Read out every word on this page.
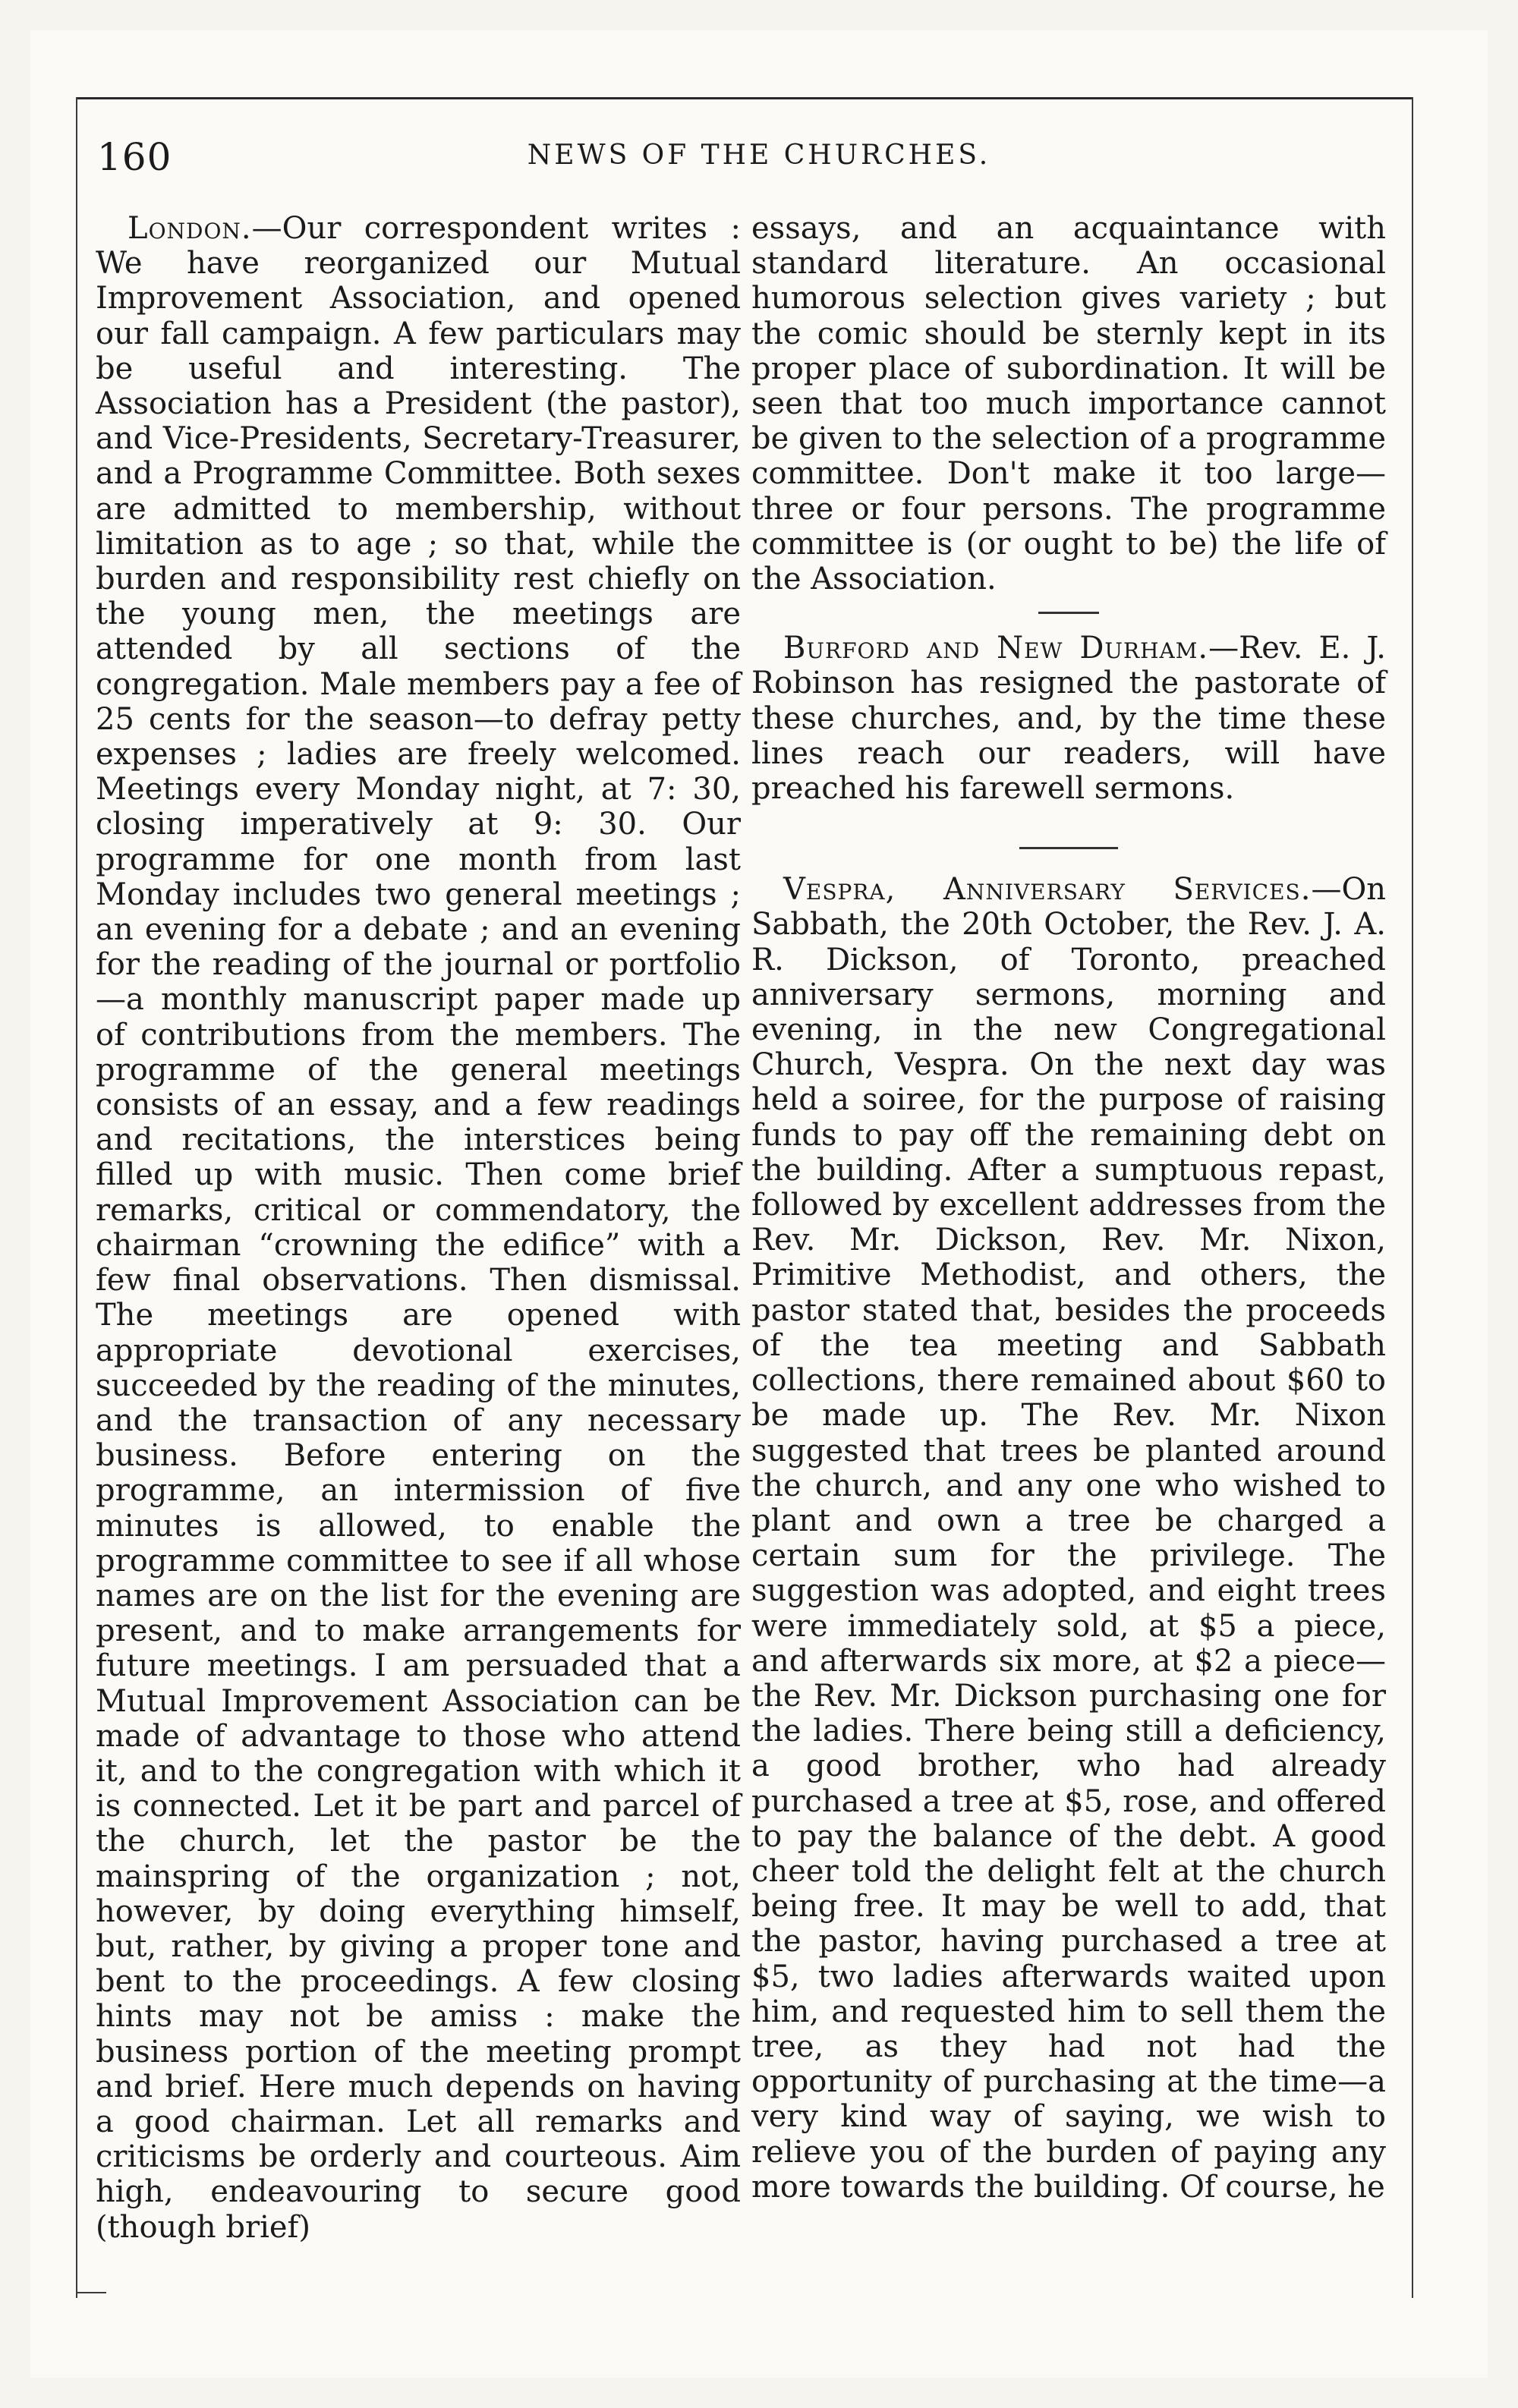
160	NEWS OF THE CHURCHES.

London.—Our correspondent writes : We have reorganized our Mutual Improvement Association, and opened our fall campaign. A few particulars may be useful and interesting. The Association has a President (the pastor), and Vice-Presidents, Secretary-Treasurer, and a Programme Committee. Both sexes are admitted to membership, without limitation as to age ; so that, while the burden and responsibility rest chiefly on the young men, the meetings are attended by all sections of the congregation. Male members pay a fee of 25 cents for the season—to defray petty expenses ; ladies are freely welcomed. Meetings every Monday night, at 7: 30, closing imperatively at 9: 30. Our programme for one month from last Monday includes two general meetings ; an evening for a debate ; and an evening for the reading of the journal or portfolio—a monthly manuscript paper made up of contributions from the members. The programme of the general meetings consists of an essay, and a few readings and recitations, the interstices being filled up with music. Then come brief remarks, critical or commendatory, the chairman “crowning the edifice” with a few final observations. Then dismissal. The meetings are opened with appropriate devotional exercises, succeeded by the reading of the minutes, and the transaction of any necessary business. Before entering on the programme, an intermission of five minutes is allowed, to enable the programme committee to see if all whose names are on the list for the evening are present, and to make arrangements for future meetings. I am persuaded that a Mutual Improvement Association can be made of advantage to those who attend it, and to the congregation with which it is connected. Let it be part and parcel of the church, let the pastor be the mainspring of the organization ; not, however, by doing everything himself, but, rather, by giving a proper tone and bent to the proceedings. A few closing hints may not be amiss : make the business portion of the meeting prompt and brief. Here much depends on having a good chairman. Let all remarks and criticisms be orderly and courteous. Aim high, endeavouring to secure good (though brief)

essays, and an acquaintance with standard literature. An occasional humorous selection gives variety ; but the comic should be sternly kept in its proper place of subordination. It will be seen that too much importance cannot be given to the selection of a programme committee. Don't make it too large—three or four persons. The programme committee is (or ought to be) the life of the Association.

Burford and New Durham.—Rev. E. J. Robinson has resigned the pastorate of these churches, and, by the time these lines reach our readers, will have preached his farewell sermons.

Vespra, Anniversary Services.—On Sabbath, the 20th October, the Rev. J. A. R. Dickson, of Toronto, preached anniversary sermons, morning and evening, in the new Congregational Church, Vespra. On the next day was held a soiree, for the purpose of raising funds to pay off the remaining debt on the building. After a sumptuous repast, followed by excellent addresses from the Rev. Mr. Dickson, Rev. Mr. Nixon, Primitive Methodist, and others, the pastor stated that, besides the proceeds of the tea meeting and Sabbath collections, there remained about $60 to be made up. The Rev. Mr. Nixon suggested that trees be planted around the church, and any one who wished to plant and own a tree be charged a certain sum for the privilege. The suggestion was adopted, and eight trees were immediately sold, at $5 a piece, and afterwards six more, at $2 a piece—the Rev. Mr. Dickson purchasing one for the ladies. There being still a deficiency, a good brother, who had already purchased a tree at $5, rose, and offered to pay the balance of the debt. A good cheer told the delight felt at the church being free. It may be well to add, that the pastor, having purchased a tree at $5, two ladies afterwards waited upon him, and requested him to sell them the tree, as they had not had the opportunity of purchasing at the time—a very kind way of saying, we wish to relieve you of the burden of paying any more towards the building. Of course, he
